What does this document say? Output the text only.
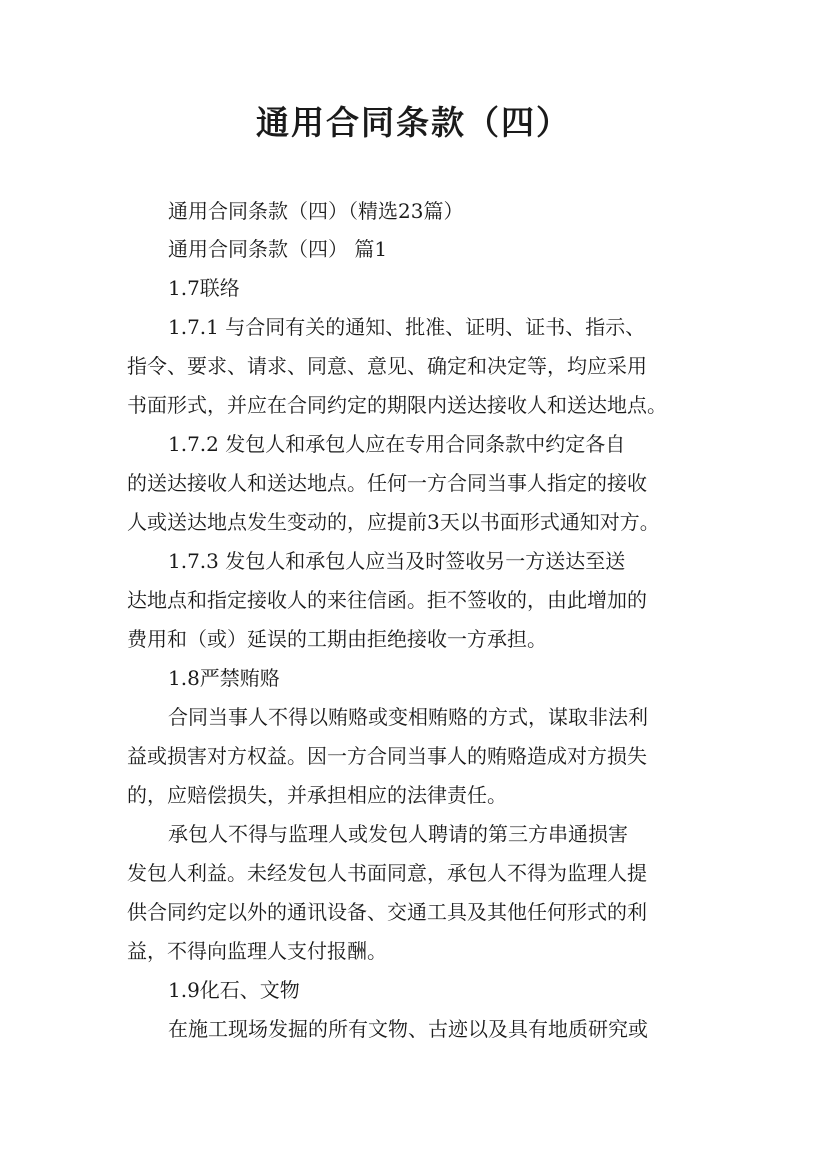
通用合同条款（四）
通用合同条款（四）（精选23篇）
通用合同条款（四） 篇1
1.7联络
1.7.1 与合同有关的通知、批准、证明、证书、指示、
指令、要求、请求、同意、意见、确定和决定等，均应采用
书面形式，并应在合同约定的期限内送达接收人和送达地点。
1.7.2 发包人和承包人应在专用合同条款中约定各自
的送达接收人和送达地点。任何一方合同当事人指定的接收
人或送达地点发生变动的，应提前3天以书面形式通知对方。
1.7.3 发包人和承包人应当及时签收另一方送达至送
达地点和指定接收人的来往信函。拒不签收的，由此增加的
费用和（或）延误的工期由拒绝接收一方承担。
1.8严禁贿赂
合同当事人不得以贿赂或变相贿赂的方式，谋取非法利
益或损害对方权益。因一方合同当事人的贿赂造成对方损失
的，应赔偿损失，并承担相应的法律责任。
承包人不得与监理人或发包人聘请的第三方串通损害
发包人利益。未经发包人书面同意，承包人不得为监理人提
供合同约定以外的通讯设备、交通工具及其他任何形式的利
益，不得向监理人支付报酬。
1.9化石、文物
在施工现场发掘的所有文物、古迹以及具有地质研究或
